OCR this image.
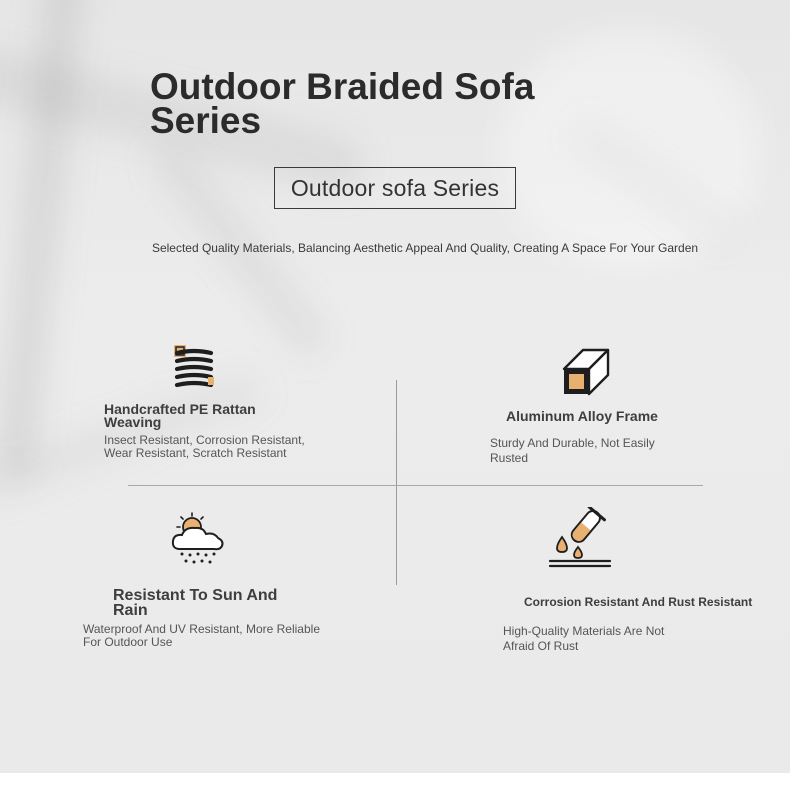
Outdoor Braided Sofa Series
Outdoor sofa Series
Selected Quality Materials, Balancing Aesthetic Appeal And Quality, Creating A Space For Your Garden
Handcrafted PE Rattan Weaving
Insect Resistant, Corrosion Resistant, Wear Resistant, Scratch Resistant
Aluminum Alloy Frame
Sturdy And Durable, Not Easily Rusted
Resistant To Sun And Rain
Waterproof And UV Resistant, More Reliable For Outdoor Use
Corrosion Resistant And Rust Resistant
High-Quality Materials Are Not Afraid Of Rust
